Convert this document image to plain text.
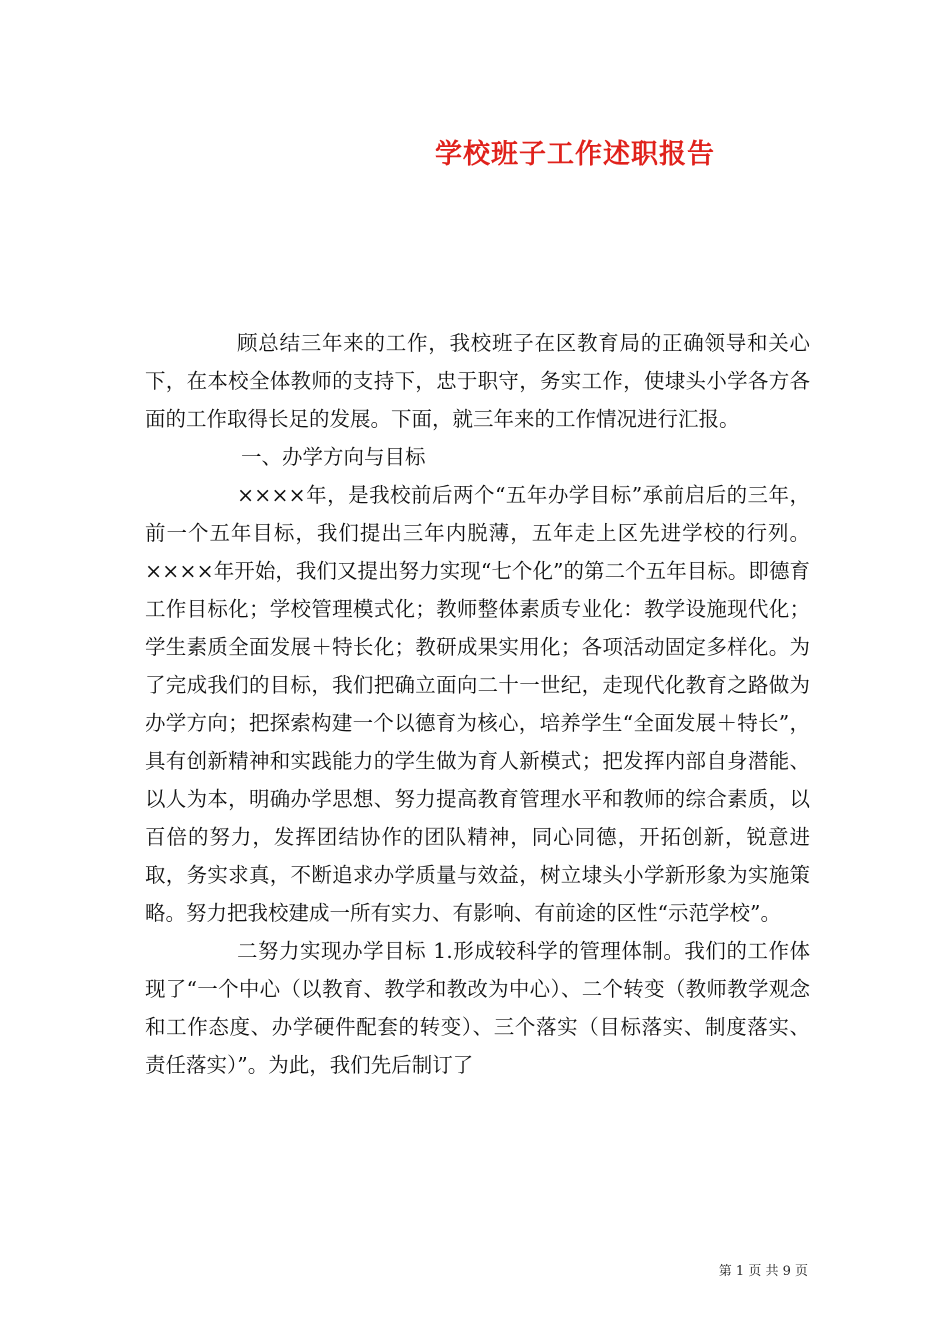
学校班子工作述职报告

顾总结三年来的工作，我校班子在区教育局的正确领导和关心下，在本校全体教师的支持下，忠于职守，务实工作，使埭头小学各方各面的工作取得长足的发展。下面，就三年来的工作情况进行汇报。

一、办学方向与目标

××××年，是我校前后两个“五年办学目标”承前启后的三年，前一个五年目标，我们提出三年内脱薄，五年走上区先进学校的行列。××××年开始，我们又提出努力实现“七个化”的第二个五年目标。即德育工作目标化；学校管理模式化；教师整体素质专业化：教学设施现代化；学生素质全面发展＋特长化；教研成果实用化；各项活动固定多样化。为了完成我们的目标，我们把确立面向二十一世纪，走现代化教育之路做为办学方向；把探索构建一个以德育为核心，培养学生“全面发展＋特长”，具有创新精神和实践能力的学生做为育人新模式；把发挥内部自身潜能、以人为本，明确办学思想、努力提高教育管理水平和教师的综合素质，以百倍的努力，发挥团结协作的团队精神，同心同德，开拓创新，锐意进取，务实求真，不断追求办学质量与效益，树立埭头小学新形象为实施策略。努力把我校建成一所有实力、有影响、有前途的区性“示范学校”。

二努力实现办学目标 1.形成较科学的管理体制。我们的工作体现了“一个中心（以教育、教学和教改为中心）、二个转变（教师教学观念和工作态度、办学硬件配套的转变）、三个落实（目标落实、制度落实、责任落实）”。为此，我们先后制订了

第 1 页 共 9 页
